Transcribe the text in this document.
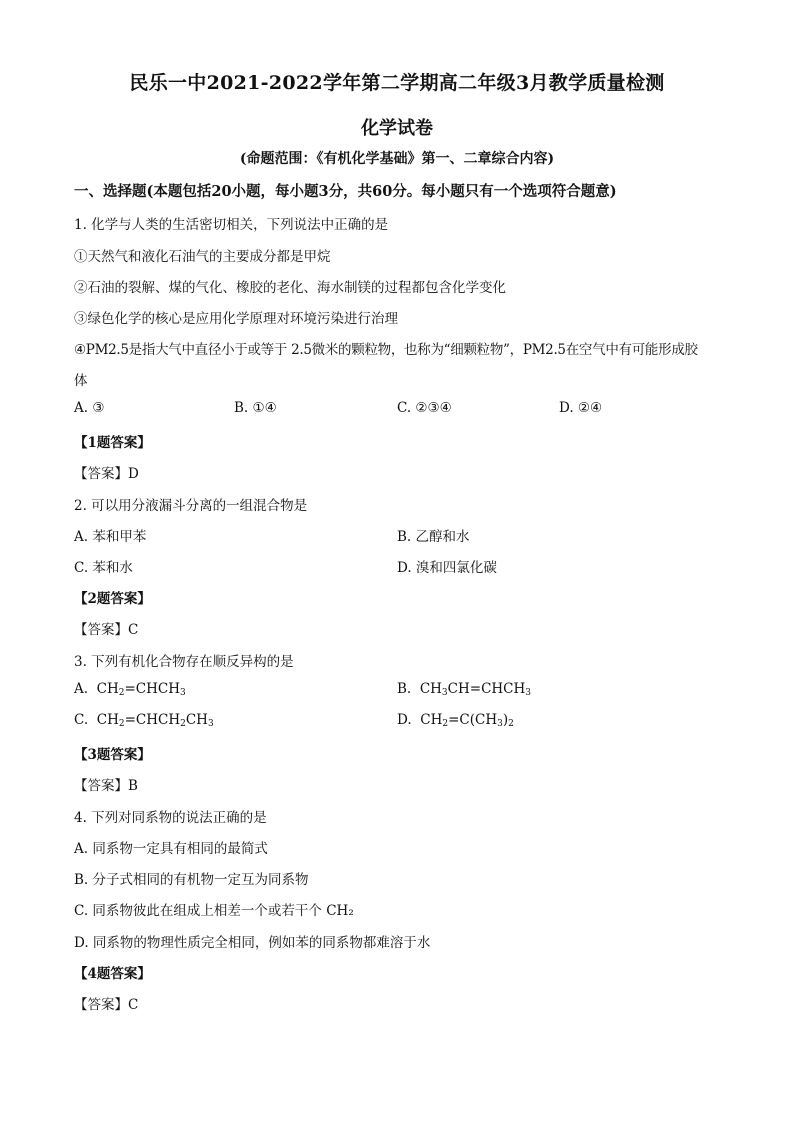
民乐一中2021-2022学年第二学期高二年级3月教学质量检测
化学试卷
(命题范围：《有机化学基础》第一、二章综合内容)
一、选择题(本题包括20小题，每小题3分，共60分。每小题只有一个选项符合题意)
1. 化学与人类的生活密切相关，下列说法中正确的是
①天然气和液化石油气的主要成分都是甲烷
②石油的裂解、煤的气化、橡胶的老化、海水制镁的过程都包含化学变化
③绿色化学的核心是应用化学原理对环境污染进行治理
④PM2.5是指大气中直径小于或等于 2.5微米的颗粒物，也称为“细颗粒物”，PM2.5在空气中有可能形成胶
体
A. ③	B. ①④	C. ②③④	D. ②④
【1题答案】
【答案】D
2. 可以用分液漏斗分离的一组混合物是
A. 苯和甲苯	B. 乙醇和水
C. 苯和水	D. 溴和四氯化碳
【2题答案】
【答案】C
3. 下列有机化合物存在顺反异构的是
A. $CH_2=CHCH_3$	B. $CH_3CH=CHCH_3$
C. $CH_2=CHCH_2CH_3$	D. $CH_2=C(CH_3)_2$
【3题答案】
【答案】B
4. 下列对同系物的说法正确的是
A. 同系物一定具有相同的最简式
B. 分子式相同的有机物一定互为同系物
C. 同系物彼此在组成上相差一个或若干个 CH₂
D. 同系物的物理性质完全相同，例如苯的同系物都难溶于水
【4题答案】
【答案】C
